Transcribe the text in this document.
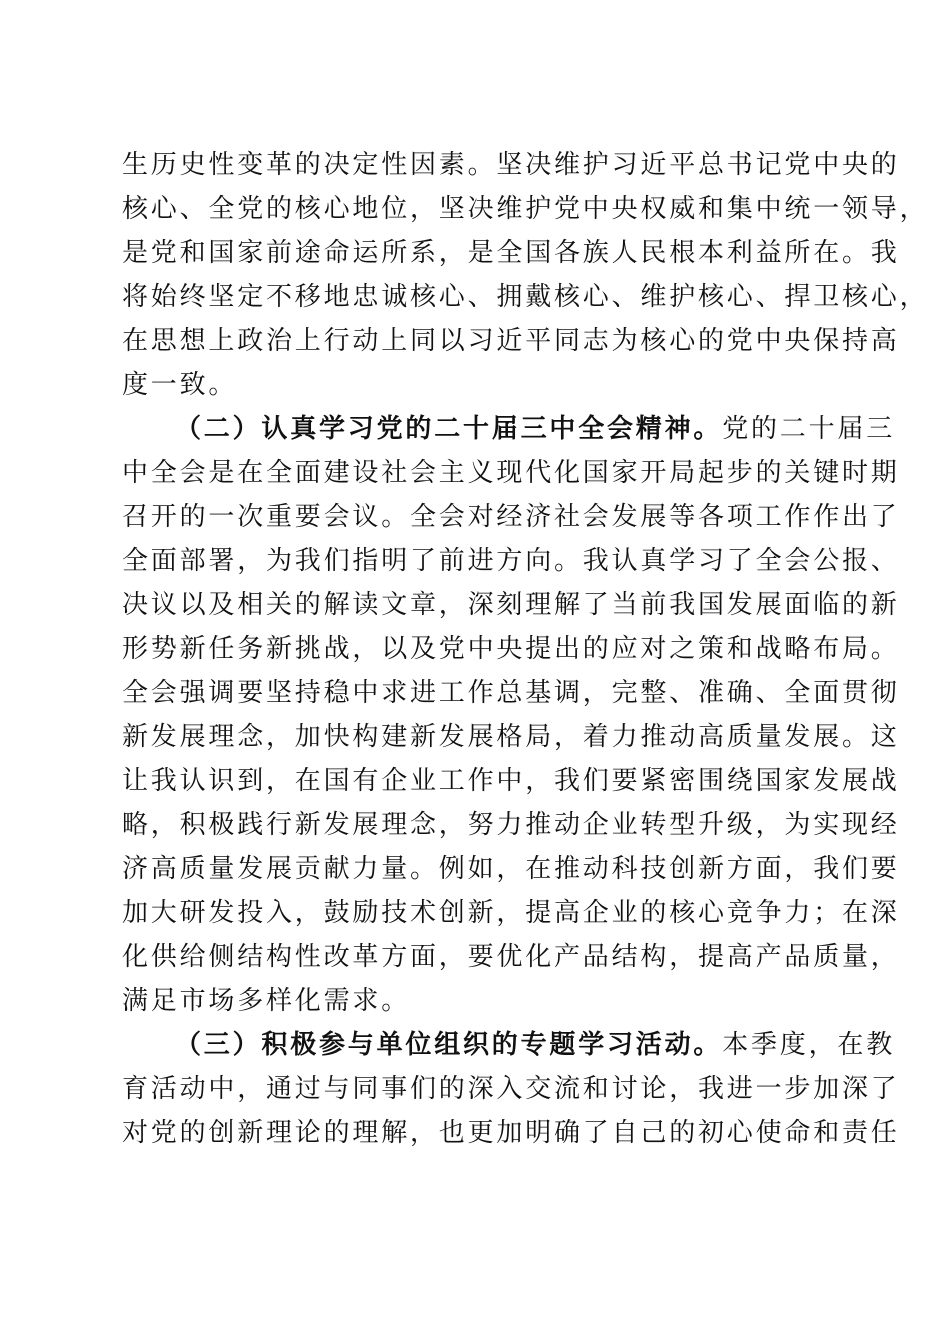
生历史性变革的决定性因素。坚决维护习近平总书记党中央的
核心、全党的核心地位，坚决维护党中央权威和集中统一领导，
是党和国家前途命运所系，是全国各族人民根本利益所在。我
将始终坚定不移地忠诚核心、拥戴核心、维护核心、捍卫核心，
在思想上政治上行动上同以习近平同志为核心的党中央保持高
度一致。
（二）认真学习党的二十届三中全会精神。党的二十届三
中全会是在全面建设社会主义现代化国家开局起步的关键时期
召开的一次重要会议。全会对经济社会发展等各项工作作出了
全面部署，为我们指明了前进方向。我认真学习了全会公报、
决议以及相关的解读文章，深刻理解了当前我国发展面临的新
形势新任务新挑战，以及党中央提出的应对之策和战略布局。
全会强调要坚持稳中求进工作总基调，完整、准确、全面贯彻
新发展理念，加快构建新发展格局，着力推动高质量发展。这
让我认识到，在国有企业工作中，我们要紧密围绕国家发展战
略，积极践行新发展理念，努力推动企业转型升级，为实现经
济高质量发展贡献力量。例如，在推动科技创新方面，我们要
加大研发投入，鼓励技术创新，提高企业的核心竞争力；在深
化供给侧结构性改革方面，要优化产品结构，提高产品质量，
满足市场多样化需求。
（三）积极参与单位组织的专题学习活动。本季度，在教
育活动中，通过与同事们的深入交流和讨论，我进一步加深了
对党的创新理论的理解，也更加明确了自己的初心使命和责任
